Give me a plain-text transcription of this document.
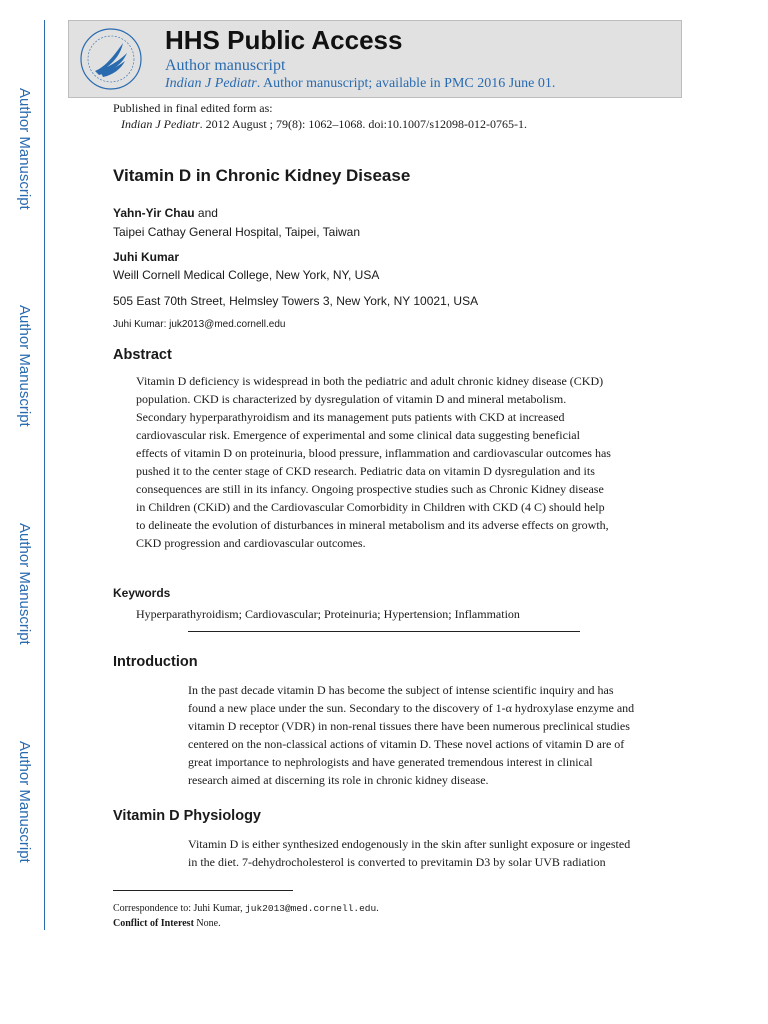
Author Manuscript
Author Manuscript
Author Manuscript
Author Manuscript
HHS Public Access
Author manuscript
Indian J Pediatr. Author manuscript; available in PMC 2016 June 01.
Published in final edited form as:
Indian J Pediatr. 2012 August ; 79(8): 1062–1068. doi:10.1007/s12098-012-0765-1.
Vitamin D in Chronic Kidney Disease
Yahn-Yir Chau and
Taipei Cathay General Hospital, Taipei, Taiwan
Juhi Kumar
Weill Cornell Medical College, New York, NY, USA
505 East 70th Street, Helmsley Towers 3, New York, NY 10021, USA
Juhi Kumar: juk2013@med.cornell.edu
Abstract
Vitamin D deficiency is widespread in both the pediatric and adult chronic kidney disease (CKD)
population. CKD is characterized by dysregulation of vitamin D and mineral metabolism.
Secondary hyperparathyroidism and its management puts patients with CKD at increased
cardiovascular risk. Emergence of experimental and some clinical data suggesting beneficial
effects of vitamin D on proteinuria, blood pressure, inflammation and cardiovascular outcomes has
pushed it to the center stage of CKD research. Pediatric data on vitamin D dysregulation and its
consequences are still in its infancy. Ongoing prospective studies such as Chronic Kidney disease
in Children (CKiD) and the Cardiovascular Comorbidity in Children with CKD (4 C) should help
to delineate the evolution of disturbances in mineral metabolism and its adverse effects on growth,
CKD progression and cardiovascular outcomes.
Keywords
Hyperparathyroidism; Cardiovascular; Proteinuria; Hypertension; Inflammation
Introduction
In the past decade vitamin D has become the subject of intense scientific inquiry and has
found a new place under the sun. Secondary to the discovery of 1-α hydroxylase enzyme and
vitamin D receptor (VDR) in non-renal tissues there have been numerous preclinical studies
centered on the non-classical actions of vitamin D. These novel actions of vitamin D are of
great importance to nephrologists and have generated tremendous interest in clinical
research aimed at discerning its role in chronic kidney disease.
Vitamin D Physiology
Vitamin D is either synthesized endogenously in the skin after sunlight exposure or ingested
in the diet. 7-dehydrocholesterol is converted to previtamin D3 by solar UVB radiation
Correspondence to: Juhi Kumar, juk2013@med.cornell.edu.
Conflict of Interest None.
